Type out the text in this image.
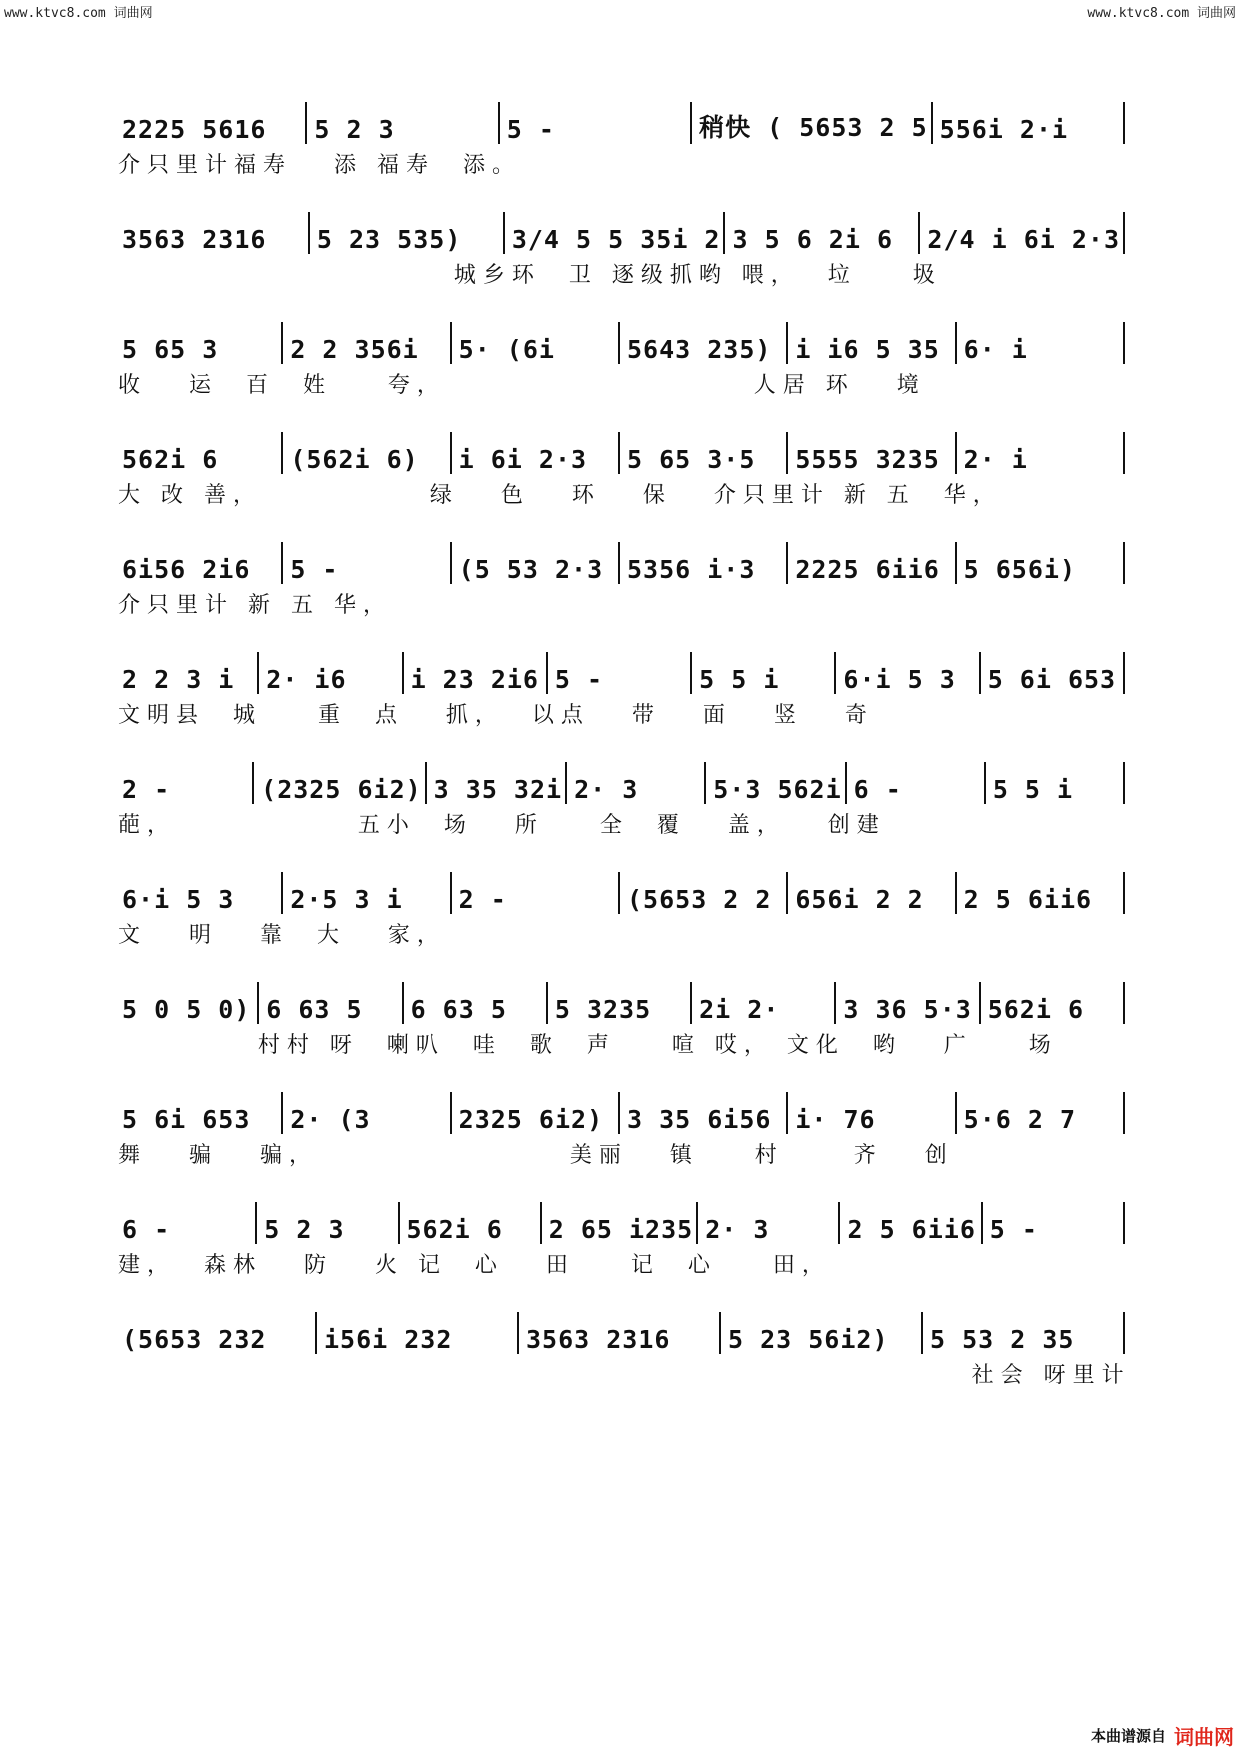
www.ktvc8.com 词曲网	www.ktvc8.com 词曲网
2225 5616	5 2 3	5 -	稍快 ( 5653 2 5 556i 2·i
介只里计福寿   添 福寿  添。
3563 2316	5 23 535)	3/4 5 5 35i 2 3 5 6 2i 6	2/4 i 6i 2·3
城乡环  卫 逐级抓哟 喂，  垃    圾
5 65 3	2 2 356i	5· (6i	5643 235) i i6 5 35 6· i
收   运  百  姓    夸，                      人居 环   境
562i 6	(562i 6)	i 6i 2·3	5 65 3·5	5555 3235 2· i
大 改 善，            绿   色   环   保   介只里计 新 五  华，
6i56 2i6	5 -	(5 53 2·3 5356 i·3	2225 6ii6 5 656i)
介只里计 新 五 华，
2 2 3 i	2· i6	i 23 2i6 5 -	5 5 i	6·i 5 3	5 6i 653
文明县  城    重  点   抓，  以点   带   面   竖   奇
2 -	(2325 6i2) 3 35 32i 2· 3	5·3 562i 6 -	5 5 i
葩，             五小  场   所    全  覆   盖，   创建
6·i 5 3	2·5 3 i	2 -	(5653 2 2 656i 2 2	2 5 6ii6
文   明   靠  大   家，
5 0 5 0) 6 63 5	6 63 5	5 3235	2i 2·	3 36 5·3 562i 6
村村 呀  喇叭  哇  歌  声    喧 哎， 文化  哟   广    场
5 6i 653	2· (3	2325 6i2) 3 35 6i56 i· 76	5·6 2 7
舞   骗   骗，                  美丽   镇    村     齐   创
6 -	5 2 3	562i 6	2 65 i235 2· 3	2 5 6ii6 5 -
建，  森林   防   火 记  心   田    记  心    田，
(5653 232	i56i 232	3563 2316	5 23 56i2)	5 53 2 35
社会 呀里计
本曲谱源自 词曲网
